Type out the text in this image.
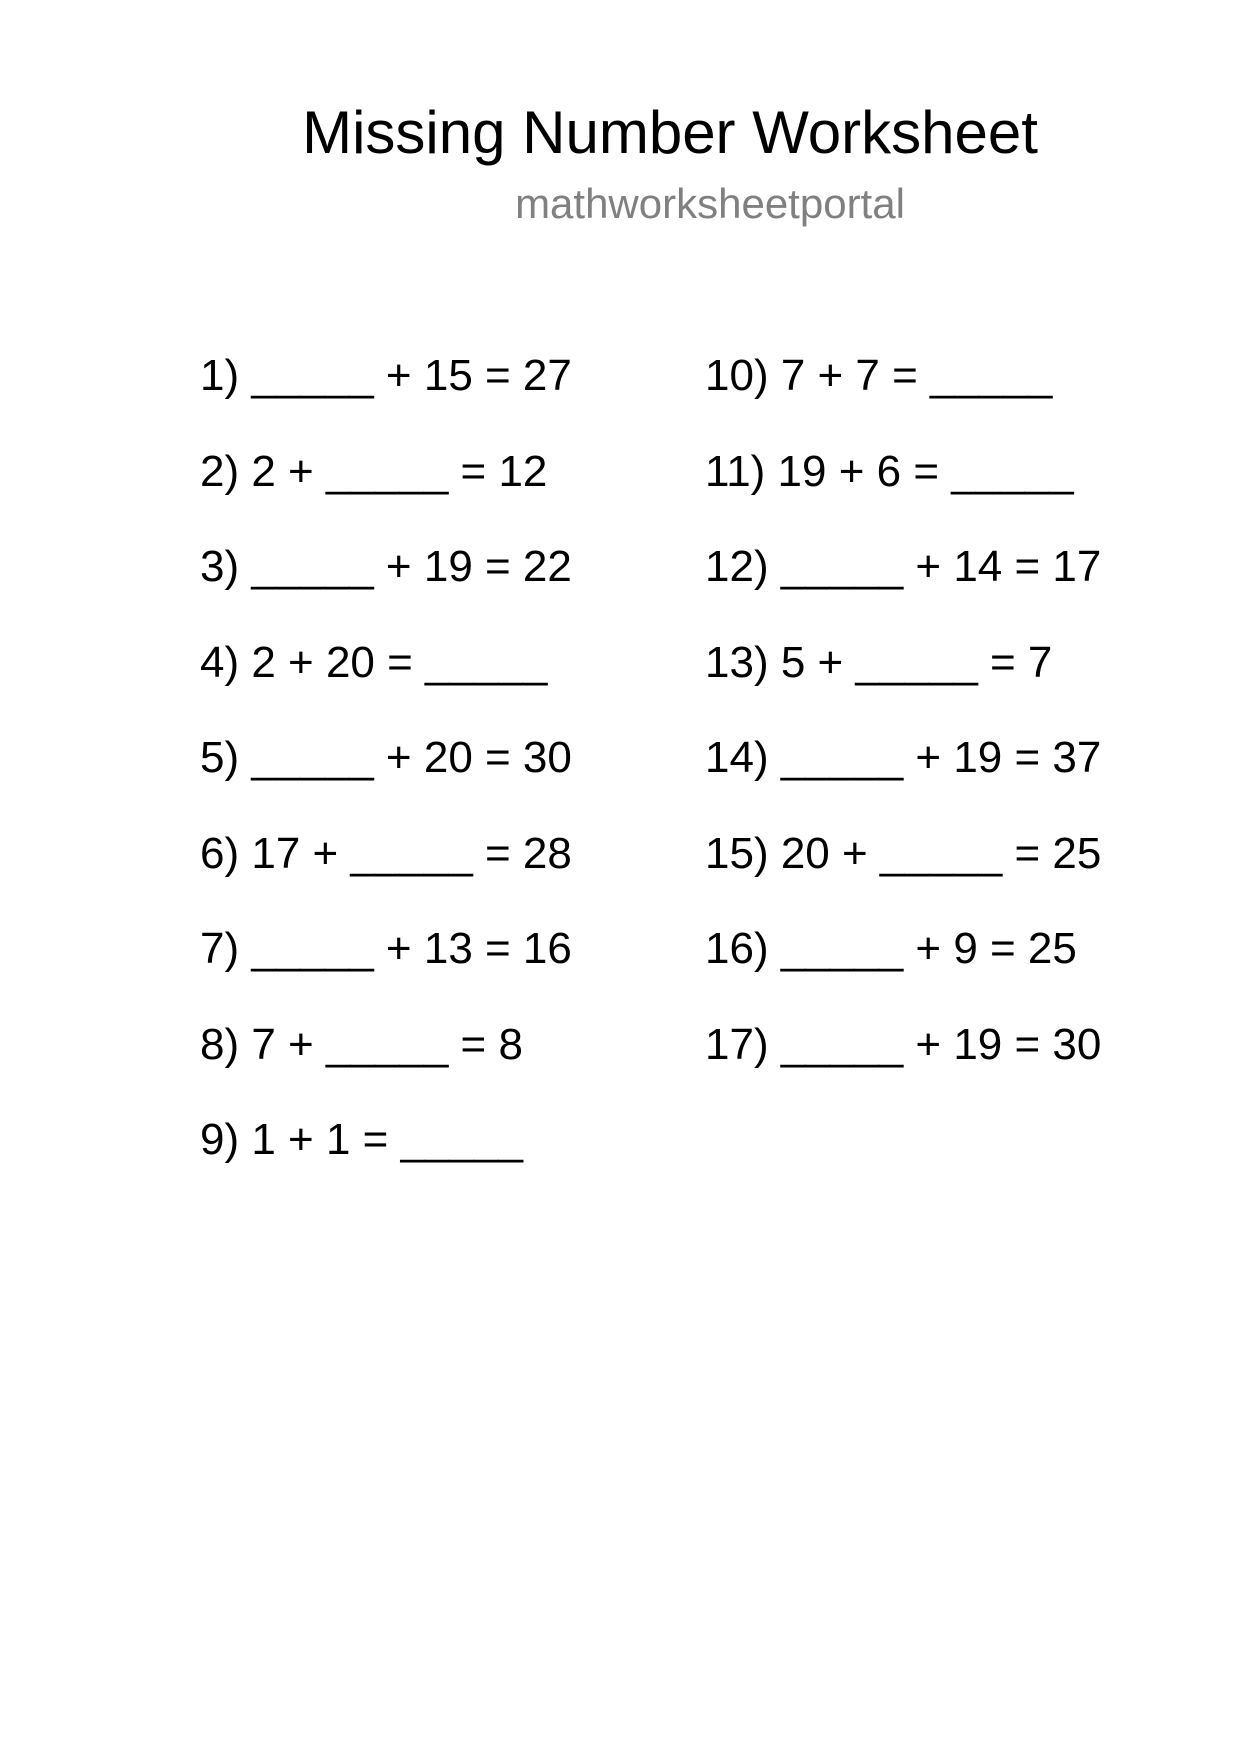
Missing Number Worksheet
mathworksheetportal
1) _____ + 15 = 27
2) 2 + _____ = 12
3) _____ + 19 = 22
4) 2 + 20 = _____
5) _____ + 20 = 30
6) 17 + _____ = 28
7) _____ + 13 = 16
8) 7 + _____ = 8
9) 1 + 1 = _____
10) 7 + 7 = _____
11) 19 + 6 = _____
12) _____ + 14 = 17
13) 5 + _____ = 7
14) _____ + 19 = 37
15) 20 + _____ = 25
16) _____ + 9 = 25
17) _____ + 19 = 30
